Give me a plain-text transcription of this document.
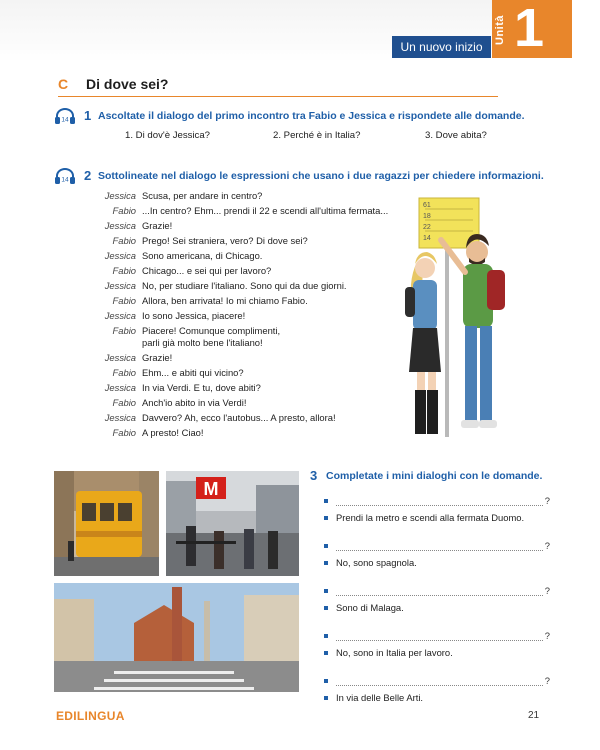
Un nuovo inizio
Unità 1
C Di dove sei?
14 1 Ascoltate il dialogo del primo incontro tra Fabio e Jessica e rispondete alle domande.
1. Di dov'è Jessica?	2. Perché è in Italia?	3. Dove abita?
14 2 Sottolineate nel dialogo le espressioni che usano i due ragazzi per chiedere informazioni.
Jessica Scusa, per andare in centro?
Fabio ...In centro? Ehm... prendi il 22 e scendi all'ultima fermata...
Jessica Grazie!
Fabio Prego! Sei straniera, vero? Di dove sei?
Jessica Sono americana, di Chicago.
Fabio Chicago... e sei qui per lavoro?
Jessica No, per studiare l'italiano. Sono qui da due giorni.
Fabio Allora, ben arrivata! Io mi chiamo Fabio.
Jessica Io sono Jessica, piacere!
Fabio Piacere! Comunque complimenti,
parli già molto bene l'italiano!
Jessica Grazie!
Fabio Ehm... e abiti qui vicino?
Jessica In via Verdi. E tu, dove abiti?
Fabio Anch'io abito in via Verdi!
Jessica Davvero? Ah, ecco l'autobus... A presto, allora!
Fabio A presto! Ciao!
61
18
22
14
M
3 Completate i mini dialoghi con le domande.
?
Prendi la metro e scendi alla fermata Duomo.
?
No, sono spagnola.
?
Sono di Malaga.
?
No, sono in Italia per lavoro.
?
In via delle Belle Arti.
EDILINGUA	21
